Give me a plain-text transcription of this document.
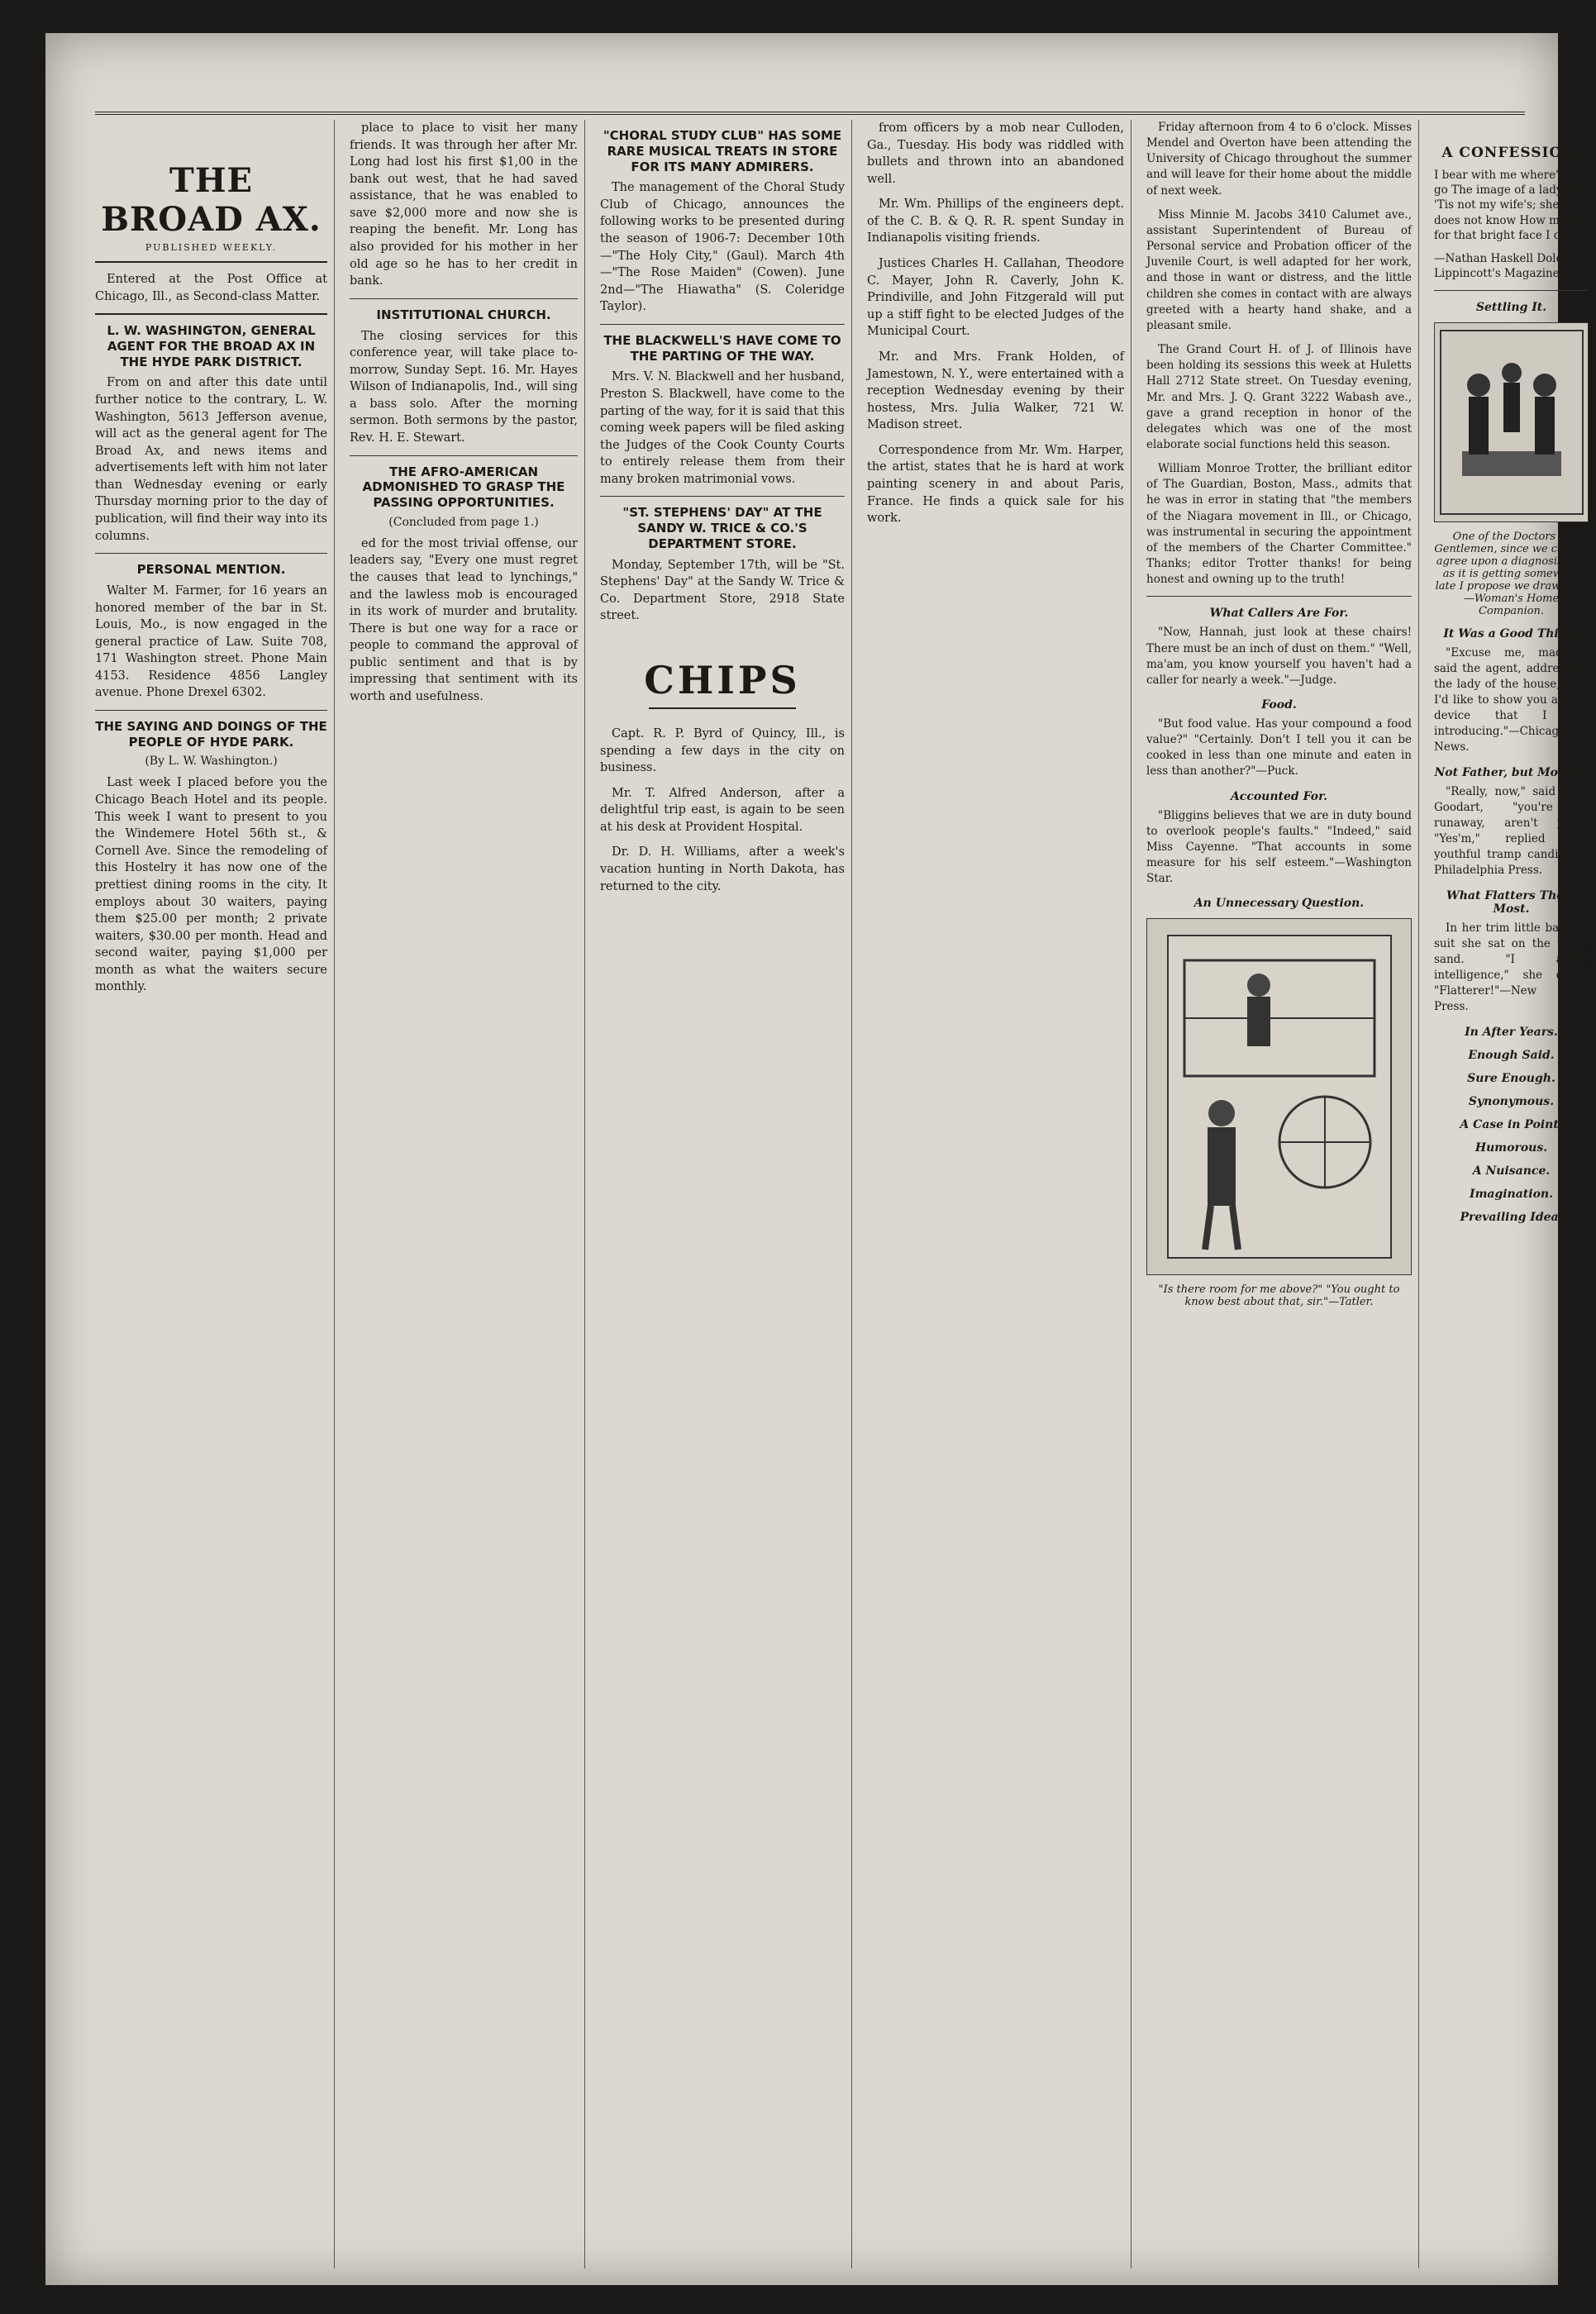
THE BROAD AX.
PUBLISHED WEEKLY.

Entered at the Post Office at Chicago, Ill., as Second-class Matter.

L. W. WASHINGTON, GENERAL AGENT FOR THE BROAD AX IN THE HYDE PARK DISTRICT.

From on and after this date until further notice to the contrary, L. W. Washington, 5613 Jefferson avenue, will act as the general agent for The Broad Ax, and news items and advertisements left with him not later than Wednesday evening or early Thursday morning prior to the day of publication, will find their way into its columns.

PERSONAL MENTION.

Walter M. Farmer, for 16 years an honored member of the bar in St. Louis, Mo., is now engaged in the general practice of Law. Suite 708, 171 Washington street. Phone Main 4153. Residence 4856 Langley avenue. Phone Drexel 6302.

THE SAYING AND DOINGS OF THE PEOPLE OF HYDE PARK.
(By L. W. Washington.)

Last week I placed before you the Chicago Beach Hotel and its people. This week I want to present to you the Windemere Hotel 56th st., & Cornell Ave. Since the remodeling of this Hostelry it has now one of the prettiest dining rooms in the city. It employs about 30 waiters, paying them $25.00 per month; 2 private waiters, $30.00 per month. Head and second waiter, paying $1,000 per month as what the waiters secure monthly.

place to place to visit her many friends. It was through her after Mr. Long had lost his first $1,00 in the bank out west, that he had saved assistance, that he was enabled to save $2,000 more and now she is reaping the benefit. Mr. Long has also provided for his mother in her old age so he has to her credit in bank.

INSTITUTIONAL CHURCH.

The closing services for this conference year, will take place to-morrow, Sunday Sept. 16. Mr. Hayes Wilson of Indianapolis, Ind., will sing a bass solo. After the morning sermon. Both sermons by the pastor, Rev. H. E. Stewart.

THE AFRO-AMERICAN ADMONISHED TO GRASP THE PASSING OPPORTUNITIES.
(Concluded from page 1.)

ed for the most trivial offense, our leaders say, "Every one must regret the causes that lead to lynchings," and the lawless mob is encouraged in its work of murder and brutality. There is but one way for a race or people to command the approval of public sentiment and that is by impressing that sentiment with its worth and usefulness.

"CHORAL STUDY CLUB" HAS SOME RARE MUSICAL TREATS IN STORE FOR ITS MANY ADMIRERS.

The management of the Choral Study Club of Chicago, announces the following works to be presented during the season of 1906-7: December 10th—"The Holy City," (Gaul). March 4th—"The Rose Maiden" (Cowen). June 2nd—"The Hiawatha" (S. Coleridge Taylor).

THE BLACKWELL'S HAVE COME TO THE PARTING OF THE WAY.

Mrs. V. N. Blackwell and her husband, Preston S. Blackwell, have come to the parting of the way, for it is said that this coming week papers will be filed asking the Judges of the Cook County Courts to entirely release them from their many broken matrimonial vows.

"ST. STEPHENS' DAY" AT THE SANDY W. TRICE & CO.'S DEPARTMENT STORE.

Monday, September 17th, will be "St. Stephens' Day" at the Sandy W. Trice & Co. Department Store, 2918 State street.

CHIPS

Capt. R. P. Byrd of Quincy, Ill., is spending a few days in the city on business.

Mr. T. Alfred Anderson, after a delightful trip east, is again to be seen at his desk at Provident Hospital.

Dr. D. H. Williams, after a week's vacation hunting in North Dakota, has returned to the city.

from officers by a mob near Culloden, Ga., Tuesday. His body was riddled with bullets and thrown into an abandoned well.

Mr. Wm. Phillips of the engineers dept. of the C. B. & Q. R. R. spent Sunday in Indianapolis visiting friends.

Justices Charles H. Callahan, Theodore C. Mayer, John R. Caverly, John K. Prindiville, and John Fitzgerald will put up a stiff fight to be elected Judges of the Municipal Court.

Mr. and Mrs. Frank Holden, of Jamestown, N. Y., were entertained with a reception Wednesday evening by their hostess, Mrs. Julia Walker, 721 W. Madison street.

Correspondence from Mr. Wm. Harper, the artist, states that he is hard at work painting scenery in and about Paris, France. He finds a quick sale for his work.

Friday afternoon from 4 to 6 o'clock. Misses Mendel and Overton have been attending the University of Chicago throughout the summer and will leave for their home about the middle of next week.

Miss Minnie M. Jacobs 3410 Calumet ave., assistant Superintendent of Bureau of Personal service and Probation officer of the Juvenile Court, is well adapted for her work, and those in want or distress, and the little children she comes in contact with are always greeted with a hearty hand shake, and a pleasant smile.

The Grand Court H. of J. of Illinois have been holding its sessions this week at Huletts Hall 2712 State street. On Tuesday evening, Mr. and Mrs. J. Q. Grant 3222 Wabash ave., gave a grand reception in honor of the delegates which was one of the most elaborate social functions held this season.

William Monroe Trotter, the brilliant editor of The Guardian, Boston, Mass., admits that he was in error in stating that "the members of the Niagara movement in Ill., or Chicago, was instrumental in securing the appointment of the members of the Charter Committee." Thanks; editor Trotter thanks! for being honest and owning up to the truth!

What Callers Are For.

"Now, Hannah, just look at these chairs! There must be an inch of dust on them." "Well, ma'am, you know yourself you haven't had a caller for nearly a week."—Judge.

Food.

"But food value. Has your compound a food value?" "Certainly. Don't I tell you it can be cooked in less than one minute and eaten in less than another?"—Puck.

Accounted For.

"Bliggins believes that we are in duty bound to overlook people's faults." "Indeed," said Miss Cayenne. "That accounts in some measure for his self esteem."—Washington Star.

An Unnecessary Question.
"Is there room for me above?" "You ought to know best about that, sir."—Tatler.
A CONFESSION.

I bear with me where'er I go The image of a lady fair. 'Tis not my wife's; she does not know How much for that bright face I care.

—Nathan Haskell Dole in Lippincott's Magazine.

Settling It.
One of the Doctors — Gentlemen, since we cannot agree upon a diagnosis and as it is getting somewhat late I propose we draw lots.—Woman's Home Companion.
It Was a Good Thing.

"Excuse me, madam," said the agent, addressing the lady of the house, "but I'd like to show you a little device that I am introducing."—Chicago News.

Not Father, but Mother.

"Really, now," said Mrs. Goodart, "you're a runaway, aren't you?" "Yes'm," replied the youthful tramp candidly.—Philadelphia Press.

What Flatters Them Most.

In her trim little bathing suit she sat on the white sand. "I adore intelligence," she cried. "Flatterer!"—New York Press.

In After Years.
Enough Said.
Sure Enough.
Synonymous.
A Case in Point.
Humorous.
A Nuisance.
Imagination.
Prevailing Idea.
